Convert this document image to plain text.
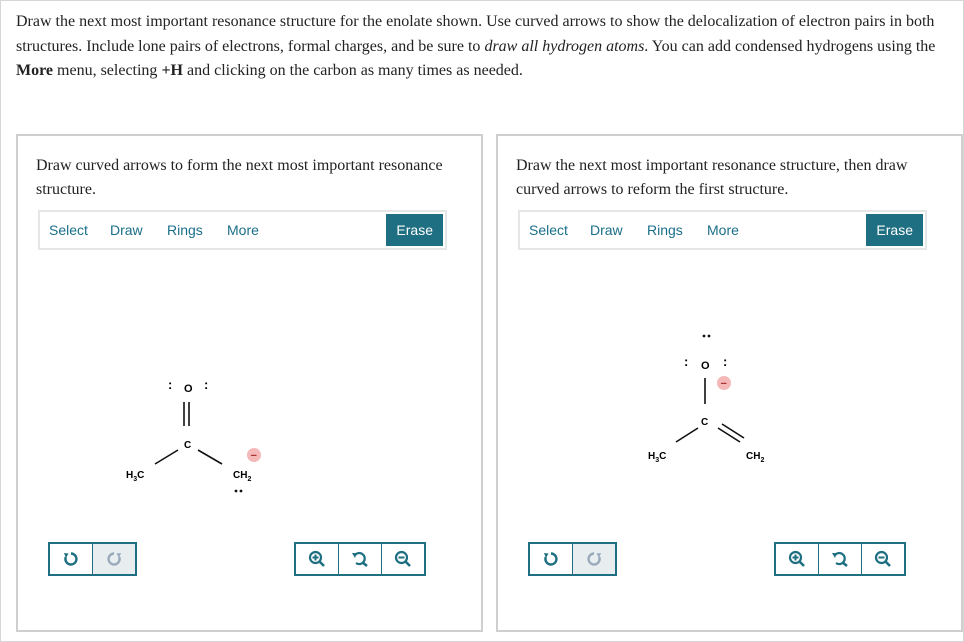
Draw the next most important resonance structure for the enolate shown. Use curved arrows to show the delocalization of electron pairs in both structures. Include lone pairs of electrons, formal charges, and be sure to draw all hydrogen atoms. You can add condensed hydrogens using the More menu, selecting +H and clicking on the carbon as many times as needed.
Draw curved arrows to form the next most important resonance structure.
Select Draw Rings More	Erase
: O :
C
$H_3C$	$CH_2$
−
Draw the next most important resonance structure, then draw curved arrows to reform the first structure.
Select Draw Rings More	Erase
: O :
−
C
$H_3C$	$CH_2$
